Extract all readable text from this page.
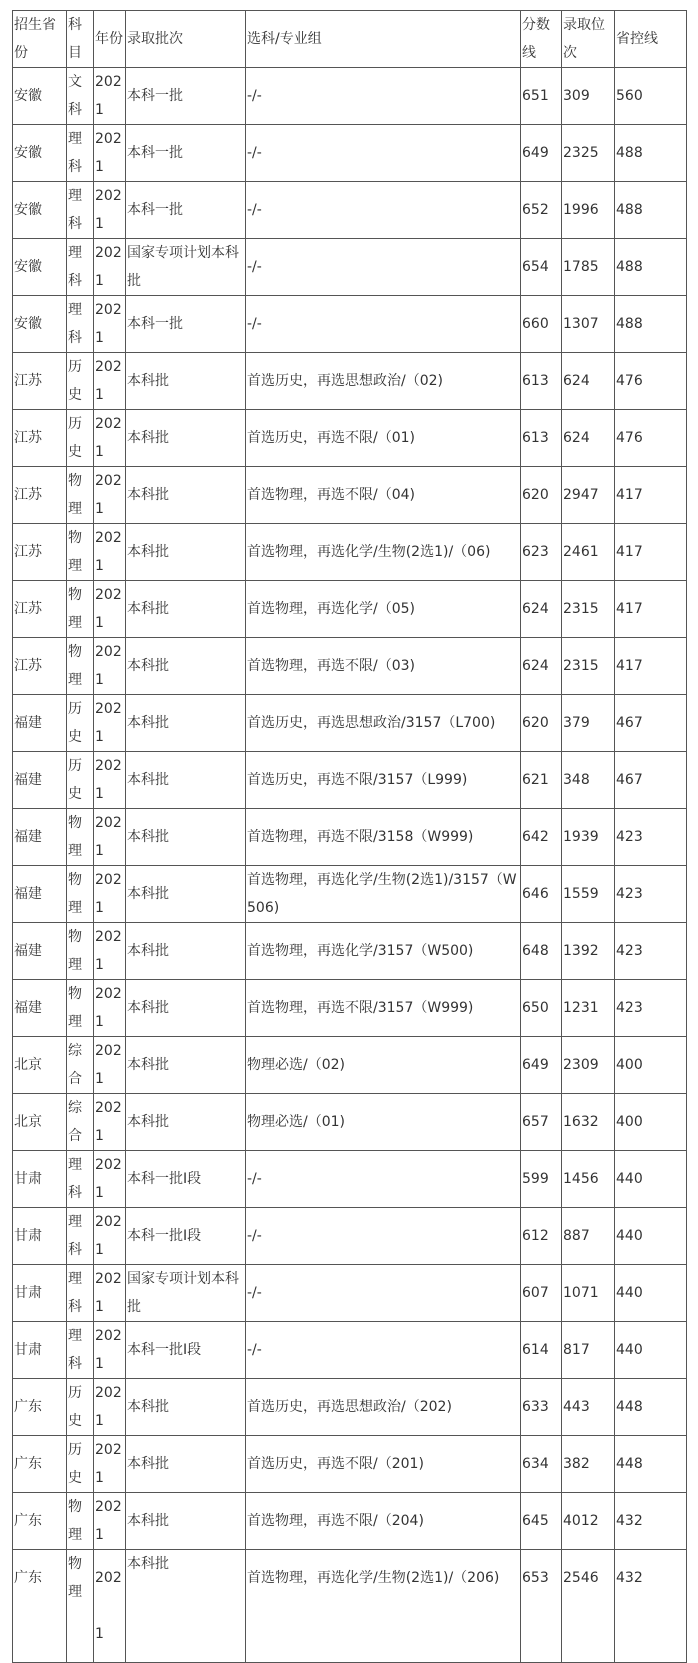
招生省份	科目	年份	录取批次	选科/专业组	分数线	录取位次	省控线
安徽	文科	2021	本科一批	-/-	651	309	560
安徽	理科	2021	本科一批	-/-	649	2325	488
安徽	理科	2021	本科一批	-/-	652	1996	488
安徽	理科	2021	国家专项计划本科批	-/-	654	1785	488
安徽	理科	2021	本科一批	-/-	660	1307	488
江苏	历史	2021	本科批	首选历史，再选思想政治/（02)	613	624	476
江苏	历史	2021	本科批	首选历史，再选不限/（01)	613	624	476
江苏	物理	2021	本科批	首选物理，再选不限/（04)	620	2947	417
江苏	物理	2021	本科批	首选物理，再选化学/生物(2选1)/（06)	623	2461	417
江苏	物理	2021	本科批	首选物理，再选化学/（05)	624	2315	417
江苏	物理	2021	本科批	首选物理，再选不限/（03)	624	2315	417
福建	历史	2021	本科批	首选历史，再选思想政治/3157（L700)	620	379	467
福建	历史	2021	本科批	首选历史，再选不限/3157（L999)	621	348	467
福建	物理	2021	本科批	首选物理，再选不限/3158（W999)	642	1939	423
福建	物理	2021	本科批	首选物理，再选化学/生物(2选1)/3157（W506)	646	1559	423
福建	物理	2021	本科批	首选物理，再选化学/3157（W500)	648	1392	423
福建	物理	2021	本科批	首选物理，再选不限/3157（W999)	650	1231	423
北京	综合	2021	本科批	物理必选/（02)	649	2309	400
北京	综合	2021	本科批	物理必选/（01)	657	1632	400
甘肃	理科	2021	本科一批I段	-/-	599	1456	440
甘肃	理科	2021	本科一批I段	-/-	612	887	440
甘肃	理科	2021	国家专项计划本科批	-/-	607	1071	440
甘肃	理科	2021	本科一批I段	-/-	614	817	440
广东	历史	2021	本科批	首选历史，再选思想政治/（202)	633	443	448
广东	历史	2021	本科批	首选历史，再选不限/（201)	634	382	448
广东	物理	2021	本科批	首选物理，再选不限/（204)	645	4012	432
广东	物理	2021	本科批	首选物理，再选化学/生物(2选1)/（206)	653	2546	432
